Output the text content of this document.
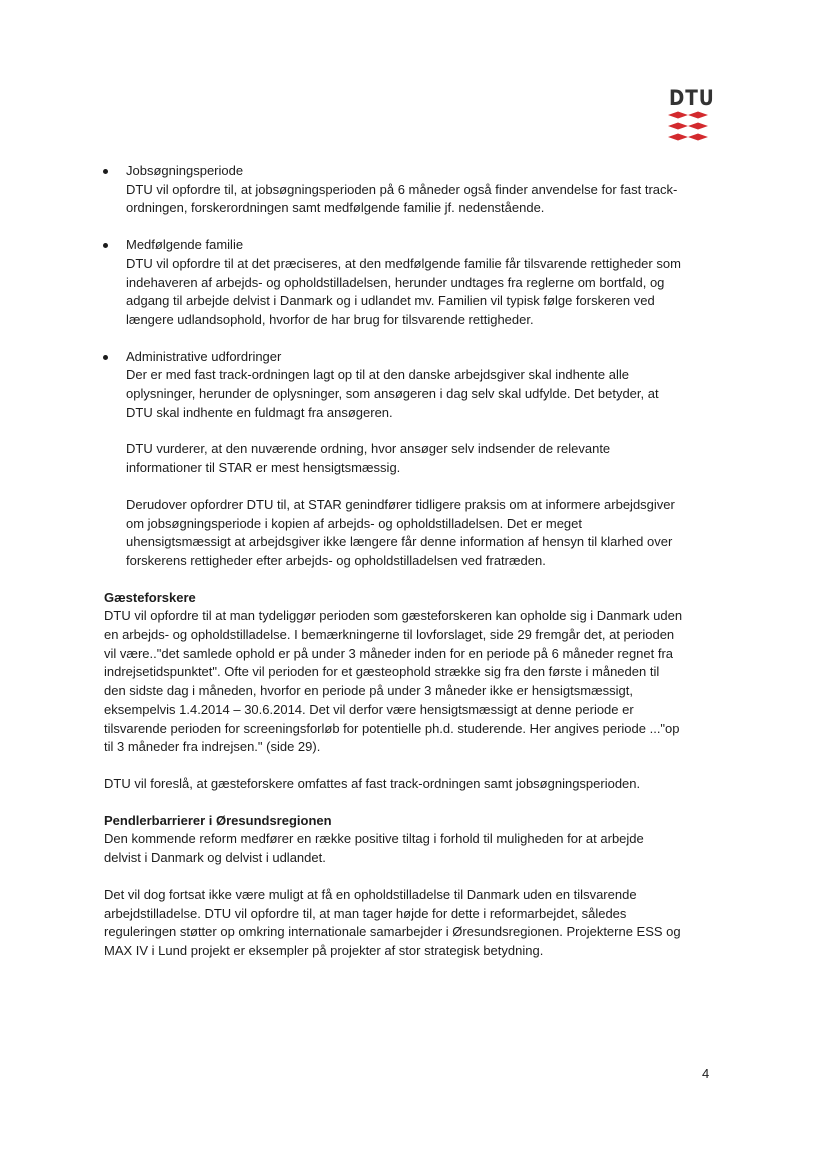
DTU
Jobsøgningsperiode
DTU vil opfordre til, at jobsøgningsperioden på 6 måneder også finder anvendelse for fast track-
ordningen, forskerordningen samt medfølgende familie jf. nedenstående.
Medfølgende familie
DTU vil opfordre til at det præciseres, at den medfølgende familie får tilsvarende rettigheder som
indehaveren af arbejds- og opholdstilladelsen, herunder undtages fra reglerne om bortfald, og
adgang til arbejde delvist i Danmark og i udlandet mv. Familien vil typisk følge forskeren ved
længere udlandsophold, hvorfor de har brug for tilsvarende rettigheder.
Administrative udfordringer
Der er med fast track-ordningen lagt op til at den danske arbejdsgiver skal indhente alle
oplysninger, herunder de oplysninger, som ansøgeren i dag selv skal udfylde. Det betyder, at
DTU skal indhente en fuldmagt fra ansøgeren.
DTU vurderer, at den nuværende ordning, hvor ansøger selv indsender de relevante
informationer til STAR er mest hensigtsmæssig.
Derudover opfordrer DTU til, at STAR genindfører tidligere praksis om at informere arbejdsgiver
om jobsøgningsperiode i kopien af arbejds- og opholdstilladelsen. Det er meget
uhensigtsmæssigt at arbejdsgiver ikke længere får denne information af hensyn til klarhed over
forskerens rettigheder efter arbejds- og opholdstilladelsen ved fratræden.
Gæsteforskere
DTU vil opfordre til at man tydeliggør perioden som gæsteforskeren kan opholde sig i Danmark uden
en arbejds- og opholdstilladelse. I bemærkningerne til lovforslaget, side 29 fremgår det, at perioden
vil være.."det samlede ophold er på under 3 måneder inden for en periode på 6 måneder regnet fra
indrejsetidspunktet". Ofte vil perioden for et gæsteophold strække sig fra den første i måneden til
den sidste dag i måneden, hvorfor en periode på under 3 måneder ikke er hensigtsmæssigt,
eksempelvis 1.4.2014 – 30.6.2014. Det vil derfor være hensigtsmæssigt at denne periode er
tilsvarende perioden for screeningsforløb for potentielle ph.d. studerende. Her angives periode ..."op
til 3 måneder fra indrejsen." (side 29).
DTU vil foreslå, at gæsteforskere omfattes af fast track-ordningen samt jobsøgningsperioden.
Pendlerbarrierer i Øresundsregionen
Den kommende reform medfører en række positive tiltag i forhold til muligheden for at arbejde
delvist i Danmark og delvist i udlandet.
Det vil dog fortsat ikke være muligt at få en opholdstilladelse til Danmark uden en tilsvarende
arbejdstilladelse. DTU vil opfordre til, at man tager højde for dette i reformarbejdet, således
reguleringen støtter op omkring internationale samarbejder i Øresundsregionen. Projekterne ESS og
MAX IV i Lund projekt er eksempler på projekter af stor strategisk betydning.
4
